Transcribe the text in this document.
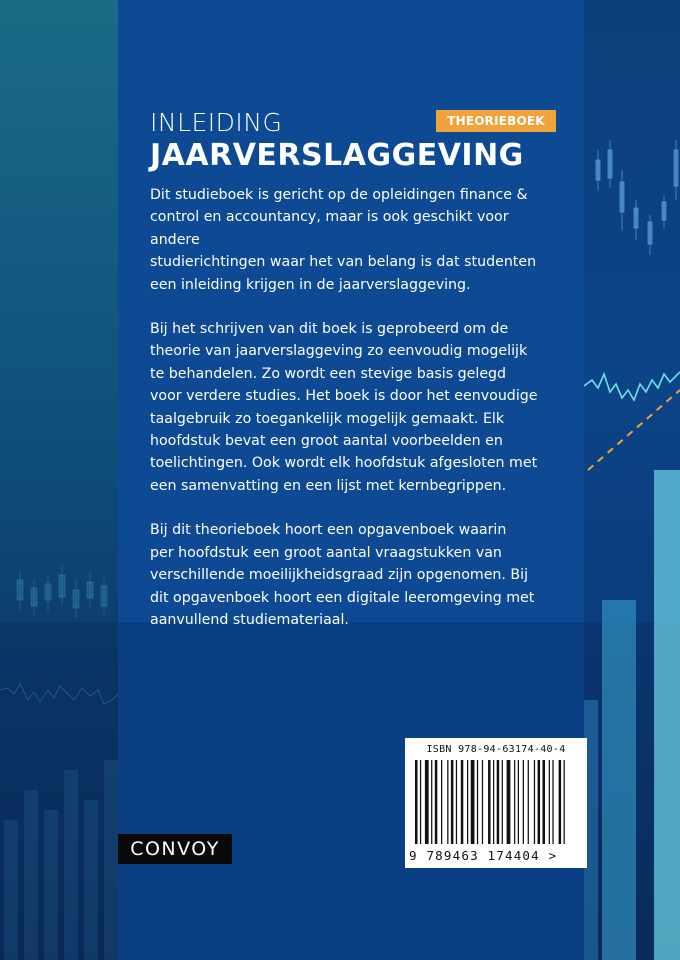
INLEIDING	THEORIEBOEK
JAARVERSLAGGEVING

Dit studieboek is gericht op de opleidingen finance &
control en accountancy, maar is ook geschikt voor andere
studierichtingen waar het van belang is dat studenten
een inleiding krijgen in de jaarverslaggeving.

Bij het schrijven van dit boek is geprobeerd om de
theorie van jaarverslaggeving zo eenvoudig mogelijk
te behandelen. Zo wordt een stevige basis gelegd
voor verdere studies. Het boek is door het eenvoudige
taalgebruik zo toegankelijk mogelijk gemaakt. Elk
hoofdstuk bevat een groot aantal voorbeelden en
toelichtingen. Ook wordt elk hoofdstuk afgesloten met
een samenvatting en een lijst met kernbegrippen.

Bij dit theorieboek hoort een opgavenboek waarin
per hoofdstuk een groot aantal vraagstukken van
verschillende moeilijkheidsgraad zijn opgenomen. Bij
dit opgavenboek hoort een digitale leeromgeving met
aanvullend studiemateriaal.

CONVOY
ISBN 978-94-63174-40-4
9 789463 174404 >
